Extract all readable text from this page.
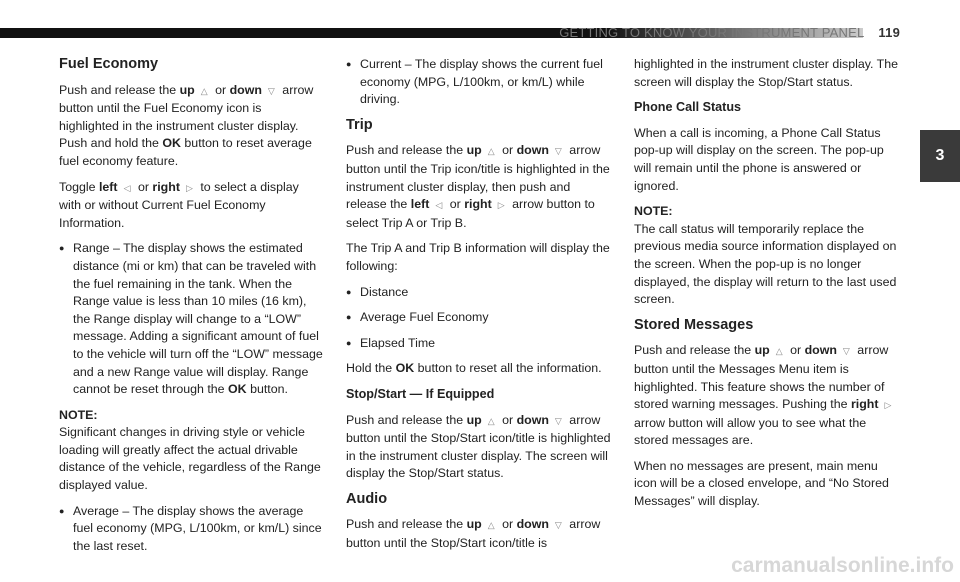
GETTING TO KNOW YOUR INSTRUMENT PANEL 119
3
Fuel Economy

Push and release the up △ or down ▽ arrow button until the Fuel Economy icon is highlighted in the instrument cluster display. Push and hold the OK button to reset average fuel economy feature.

Toggle left ◁ or right ▷ to select a display with or without Current Fuel Economy Information.

● Range – The display shows the estimated distance (mi or km) that can be traveled with the fuel remaining in the tank. When the Range value is less than 10 miles (16 km), the Range display will change to a “LOW” message. Adding a significant amount of fuel to the vehicle will turn off the “LOW” message and a new Range value will display. Range cannot be reset through the OK button.

NOTE:
Significant changes in driving style or vehicle loading will greatly affect the actual drivable distance of the vehicle, regardless of the Range displayed value.

● Average – The display shows the average fuel economy (MPG, L/100km, or km/L) since the last reset.
● Current – The display shows the current fuel economy (MPG, L/100km, or km/L) while driving.
Trip

Push and release the up △ or down ▽ arrow button until the Trip icon/title is highlighted in the instrument cluster display, then push and release the left ◁ or right ▷ arrow button to select Trip A or Trip B.

The Trip A and Trip B information will display the following:

● Distance
● Average Fuel Economy
● Elapsed Time

Hold the OK button to reset all the information.

Stop/Start — If Equipped

Push and release the up △ or down ▽ arrow button until the Stop/Start icon/title is highlighted in the instrument cluster display. The screen will display the Stop/Start status.

Audio

Push and release the up △ or down ▽ arrow button until the Stop/Start icon/title is

highlighted in the instrument cluster display. The screen will display the Stop/Start status.

Phone Call Status

When a call is incoming, a Phone Call Status pop-up will display on the screen. The pop-up will remain until the phone is answered or ignored.

NOTE:
The call status will temporarily replace the previous media source information displayed on the screen. When the pop-up is no longer displayed, the display will return to the last used screen.

Stored Messages

Push and release the up △ or down ▽ arrow button until the Messages Menu item is highlighted. This feature shows the number of stored warning messages. Pushing the right ▷ arrow button will allow you to see what the stored messages are.

When no messages are present, main menu icon will be a closed envelope, and “No Stored Messages” will display.

carmanualsonline.info
